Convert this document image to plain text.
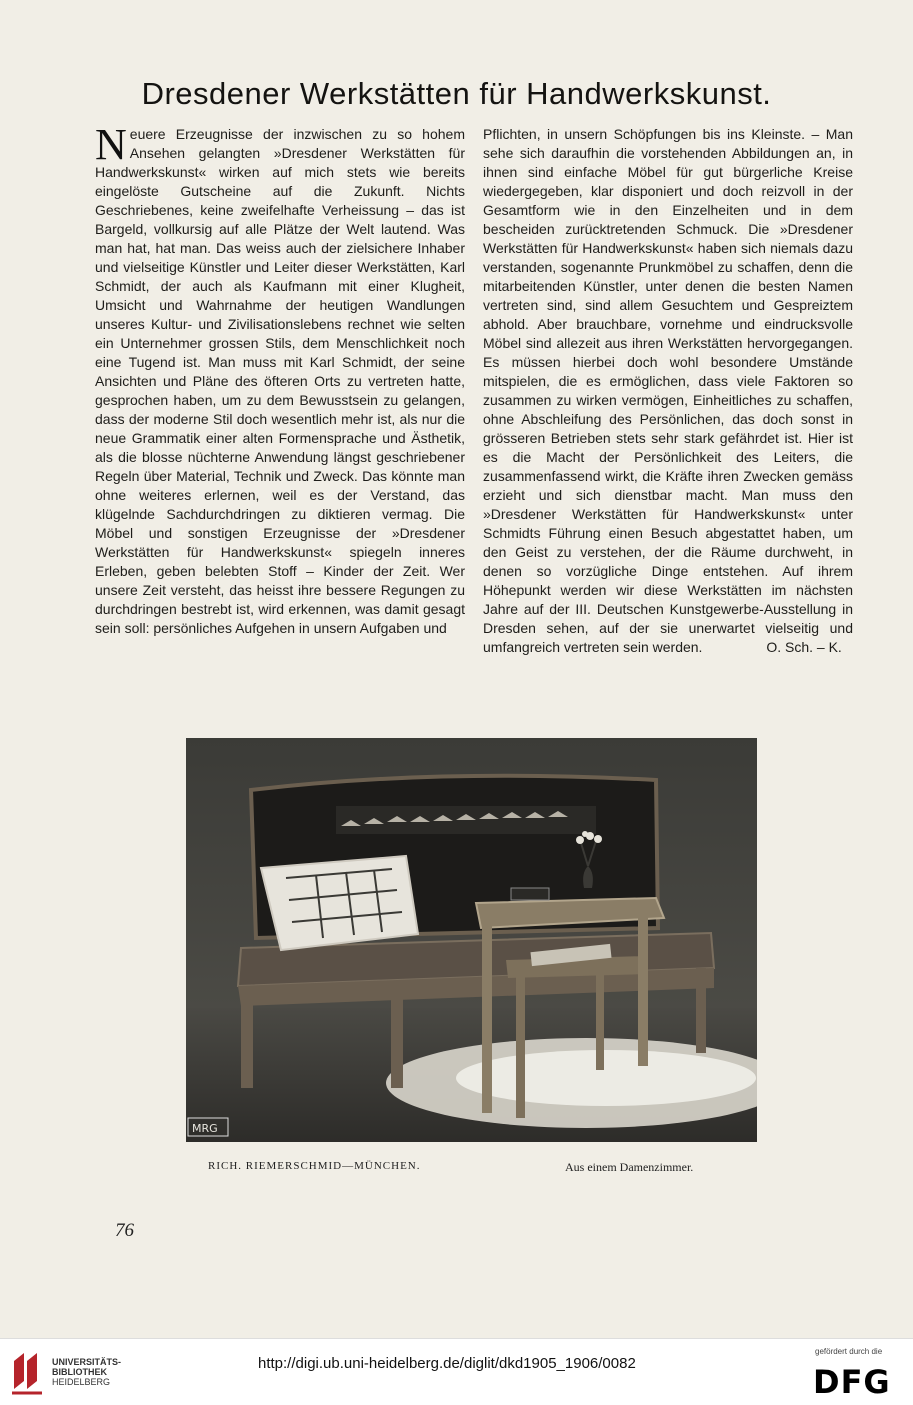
Dresdener Werkstätten für Handwerkskunst.

Neuere Erzeugnisse der inzwischen zu so hohem Ansehen gelangten »Dresdener Werkstätten für Handwerkskunst« wirken auf mich stets wie bereits eingelöste Gutscheine auf die Zukunft. Nichts Geschriebenes, keine zweifelhafte Verheissung – das ist Bargeld, vollkursig auf alle Plätze der Welt lautend. Was man hat, hat man. Das weiss auch der zielsichere Inhaber und vielseitige Künstler und Leiter dieser Werkstätten, Karl Schmidt, der auch als Kaufmann mit einer Klugheit, Umsicht und Wahrnahme der heutigen Wandlungen unseres Kultur- und Zivilisationslebens rechnet wie selten ein Unternehmer grossen Stils, dem Menschlichkeit noch eine Tugend ist. Man muss mit Karl Schmidt, der seine Ansichten und Pläne des öfteren Orts zu vertreten hatte, gesprochen haben, um zu dem Bewusstsein zu gelangen, dass der moderne Stil doch wesentlich mehr ist, als nur die neue Grammatik einer alten Formensprache und Ästhetik, als die blosse nüchterne Anwendung längst geschriebener Regeln über Material, Technik und Zweck. Das könnte man ohne weiteres erlernen, weil es der Verstand, das klügelnde Sachdurchdringen zu diktieren vermag. Die Möbel und sonstigen Erzeugnisse der »Dresdener Werkstätten für Handwerkskunst« spiegeln inneres Erleben, geben belebten Stoff – Kinder der Zeit. Wer unsere Zeit versteht, das heisst ihre bessere Regungen zu durchdringen bestrebt ist, wird erkennen, was damit gesagt sein soll: persönliches Aufgehen in unsern Aufgaben und

Pflichten, in unsern Schöpfungen bis ins Kleinste. – Man sehe sich daraufhin die vorstehenden Abbildungen an, in ihnen sind einfache Möbel für gut bürgerliche Kreise wiedergegeben, klar disponiert und doch reizvoll in der Gesamtform wie in den Einzelheiten und in dem bescheiden zurücktretenden Schmuck. Die »Dresdener Werkstätten für Handwerkskunst« haben sich niemals dazu verstanden, sogenannte Prunkmöbel zu schaffen, denn die mitarbeitenden Künstler, unter denen die besten Namen vertreten sind, sind allem Gesuchtem und Gespreiztem abhold. Aber brauchbare, vornehme und eindrucksvolle Möbel sind allezeit aus ihren Werkstätten hervorgegangen. Es müssen hierbei doch wohl besondere Umstände mitspielen, die es ermöglichen, dass viele Faktoren so zusammen zu wirken vermögen, Einheitliches zu schaffen, ohne Abschleifung des Persönlichen, das doch sonst in grösseren Betrieben stets sehr stark gefährdet ist. Hier ist es die Macht der Persönlichkeit des Leiters, die zusammenfassend wirkt, die Kräfte ihren Zwecken gemäss erzieht und sich dienstbar macht. Man muss den »Dresdener Werkstätten für Handwerkskunst« unter Schmidts Führung einen Besuch abgestattet haben, um den Geist zu verstehen, der die Räume durchweht, in denen so vorzügliche Dinge entstehen. Auf ihrem Höhepunkt werden wir diese Werkstätten im nächsten Jahre auf der III. Deutschen Kunstgewerbe-Ausstellung in Dresden sehen, auf der sie unerwartet vielseitig und umfangreich vertreten sein werden.	O. Sch. – K.

MRG
RICH. RIEMERSCHMID—MÜNCHEN.	Aus einem Damenzimmer.
76
UNIVERSITÄTS-
BIBLIOTHEK
HEIDELBERG
http://digi.ub.uni-heidelberg.de/diglit/dkd1905_1906/0082
gefördert durch die
DFG
